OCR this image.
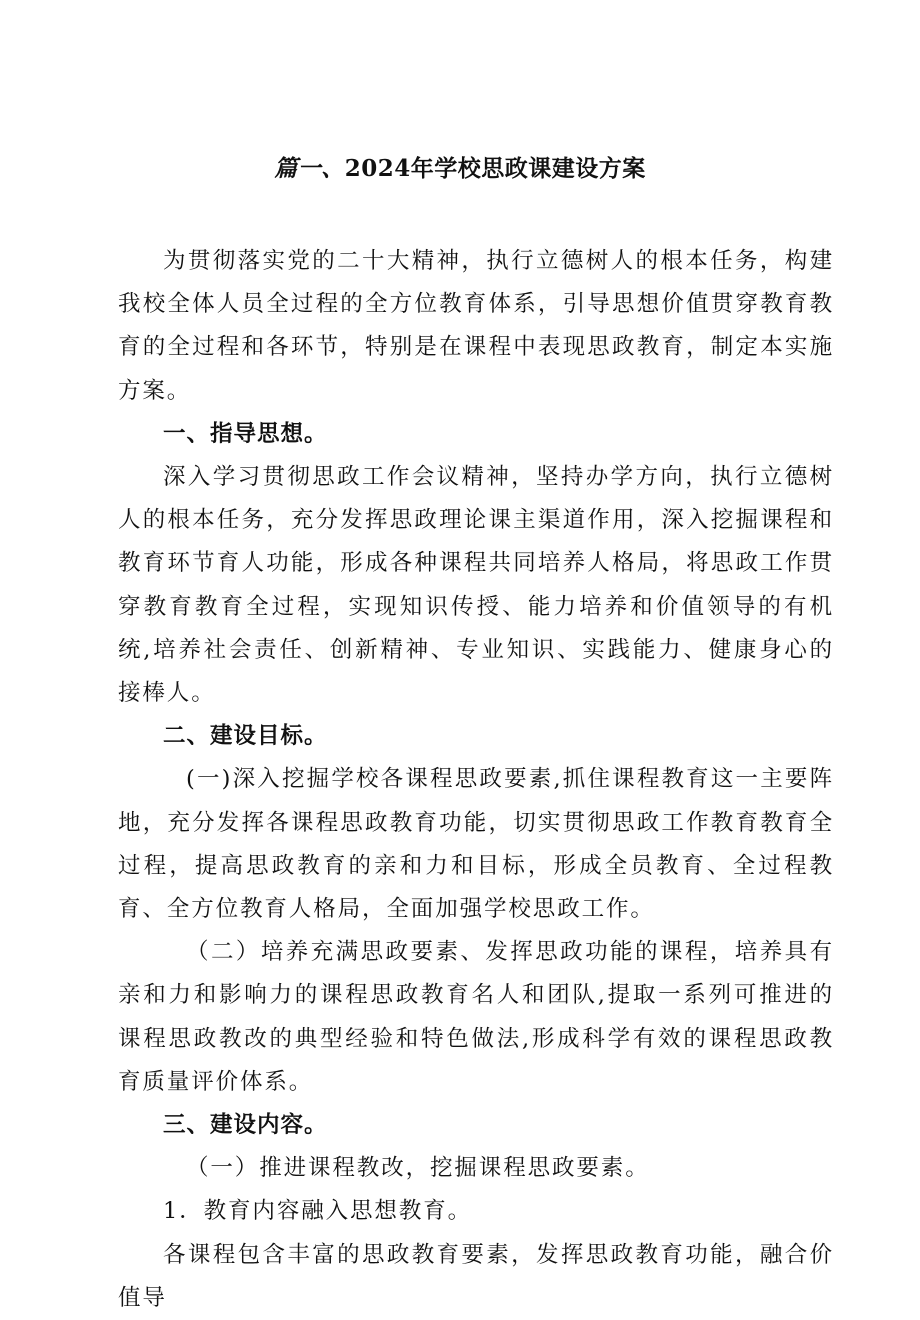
篇一、2024年学校思政课建设方案

为贯彻落实党的二十大精神，执行立德树人的根本任务，构建我校全体人员全过程的全方位教育体系，引导思想价值贯穿教育教育的全过程和各环节，特别是在课程中表现思政教育，制定本实施方案。

一、指导思想。

深入学习贯彻思政工作会议精神，坚持办学方向，执行立德树人的根本任务，充分发挥思政理论课主渠道作用，深入挖掘课程和教育环节育人功能，形成各种课程共同培养人格局，将思政工作贯穿教育教育全过程，实现知识传授、能力培养和价值领导的有机统,培养社会责任、创新精神、专业知识、实践能力、健康身心的接棒人。

二、建设目标。

(一)深入挖掘学校各课程思政要素,抓住课程教育这一主要阵地，充分发挥各课程思政教育功能，切实贯彻思政工作教育教育全过程，提高思政教育的亲和力和目标，形成全员教育、全过程教育、全方位教育人格局，全面加强学校思政工作。

（二）培养充满思政要素、发挥思政功能的课程，培养具有亲和力和影响力的课程思政教育名人和团队,提取一系列可推进的课程思政教改的典型经验和特色做法,形成科学有效的课程思政教育质量评价体系。

三、建设内容。

（一）推进课程教改，挖掘课程思政要素。

1．教育内容融入思想教育。

各课程包含丰富的思政教育要素，发挥思政教育功能，融合价值导
